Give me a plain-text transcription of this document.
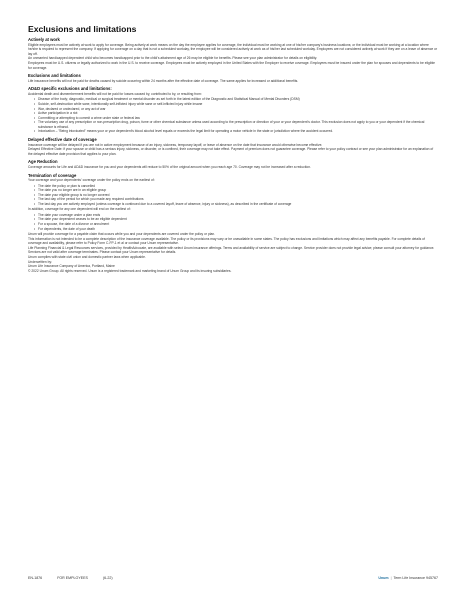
Exclusions and limitations
Actively at work

Eligible employees must be actively at work to apply for coverage. Being actively at work means on the day the employee applies for coverage, the individual must be working at one of his/her company's business locations; or the individual must be working at a location where he/she is required to represent the company. If applying for coverage on a day that is not a scheduled workday, the employee will be considered actively at work as of his/her last scheduled workday. Employees are not considered actively at work if they are on a leave of absence or lay off.

An unmarried handicapped dependent child who becomes handicapped prior to the child's attainment age of 26 may be eligible for benefits. Please see your plan administrator for details on eligibility.

Employees must be U.S. citizens or legally authorized to work in the U.S. to receive coverage. Employees must be actively employed in the United States with the Employer to receive coverage. Employees must be insured under the plan for spouses and dependents to be eligible for coverage.

Exclusions and limitations

Life insurance benefits will not be paid for deaths caused by suicide occurring within 24 months after the effective date of coverage. The same applies for increased or additional benefits.

AD&D specific exclusions and limitations:

Accidental death and dismemberment benefits will not be paid for losses caused by, contributed to by, or resulting from:

• Disease of the body; diagnostic, medical or surgical treatment or mental disorder as set forth in the latest edition of the Diagnostic and Statistical Manual of Mental Disorders (DSM)
• Suicide, self-destruction while sane, intentionally self-inflicted injury while sane or self-inflicted injury while insane
• War, declared or undeclared, or any act of war
• Active participation in a riot
• Committing or attempting to commit a crime under state or federal law
• The voluntary use of any prescription or non-prescription drug, poison, fume or other chemical substance unless used according to the prescription or direction of your or your dependent's doctor. This exclusion does not apply to you or your dependent if the chemical substance is ethanol.
• Intoxication – "Being intoxicated" means your or your dependent's blood alcohol level equals or exceeds the legal limit for operating a motor vehicle in the state or jurisdiction where the accident occurred.
Delayed effective date of coverage

Insurance coverage will be delayed if you are not in active employment because of an injury, sickness, temporary layoff, or leave of absence on the date that insurance would otherwise become effective.

Delayed Effective Date: if your spouse or child has a serious injury, sickness, or disorder, or is confined, their coverage may not take effect. Payment of premium does not guarantee coverage. Please refer to your policy contract or see your plan administrator for an explanation of the delayed effective date provision that applies to your plan.

Age Reduction

Coverage amounts for Life and AD&D insurance for you and your dependents will reduce to 50% of the original amount when you reach age 70. Coverage may not be increased after a reduction.

Termination of coverage

Your coverage and your dependents' coverage under the policy ends on the earliest of:

• The date the policy or plan is cancelled
• The date you no longer are in an eligible group
• The date your eligible group is no longer covered
• The last day of the period for which you made any required contributions
• The last day you are actively employed (unless coverage is continued due to a covered layoff, leave of absence, injury or sickness), as described in the certificate of coverage

In addition, coverage for any one dependent will end on the earliest of:

• The date your coverage under a plan ends
• The date your dependent ceases to be an eligible dependent
• For a spouse, the date of a divorce or annulment
• For dependents, the date of your death

Unum will provide coverage for a payable claim that occurs while you and your dependents are covered under the policy or plan.

This information is not intended to be a complete description of the insurance coverage available. The policy or its provisions may vary or be unavailable in some states. The policy has exclusions and limitations which may affect any benefits payable. For complete details of coverage and availability, please refer to Policy Form C-FP-1 et al or contact your Unum representative.

Life Planning Financial & Legal Resources services, provided by HealthAdvocate, are available with select Unum insurance offerings. Terms and availability of service are subject to change. Service provider does not provide legal advice; please consult your attorney for guidance. Services are not valid after coverage terminates. Please contact your Unum representative for details.

Unum complies with state civil union and domestic partner laws when applicable.

Underwritten by:

Unum Life Insurance Company of America, Portland, Maine

© 2022 Unum Group. All rights reserved. Unum is a registered trademark and marketing brand of Unum Group and its insuring subsidiaries.

EN-1876	FOR EMPLOYEES	(6-22)	Unum | Term Life Insurance 945767
